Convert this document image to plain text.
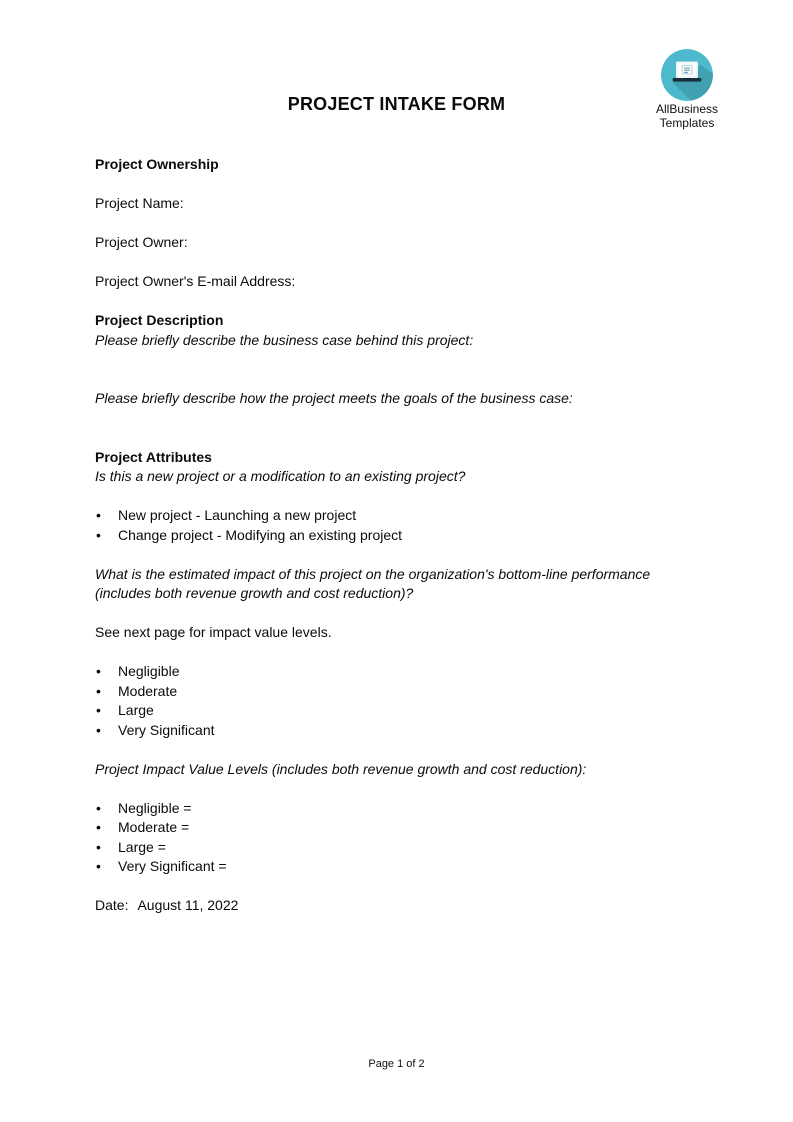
PROJECT INTAKE FORM	AllBusiness
Templates

Project Ownership

Project Name:

Project Owner:

Project Owner's E-mail Address:

Project Description

Please briefly describe the business case behind this project:

Please briefly describe how the project meets the goals of the business case:

Project Attributes

Is this a new project or a modification to an existing project?

• New project - Launching a new project
• Change project - Modifying an existing project

What is the estimated impact of this project on the organization's bottom-line performance

(includes both revenue growth and cost reduction)?

See next page for impact value levels.

• Negligible
• Moderate
• Large
• Very Significant

Project Impact Value Levels (includes both revenue growth and cost reduction):

• Negligible =
• Moderate =
• Large =
• Very Significant =

Date: August 11, 2022

Page 1 of 2
